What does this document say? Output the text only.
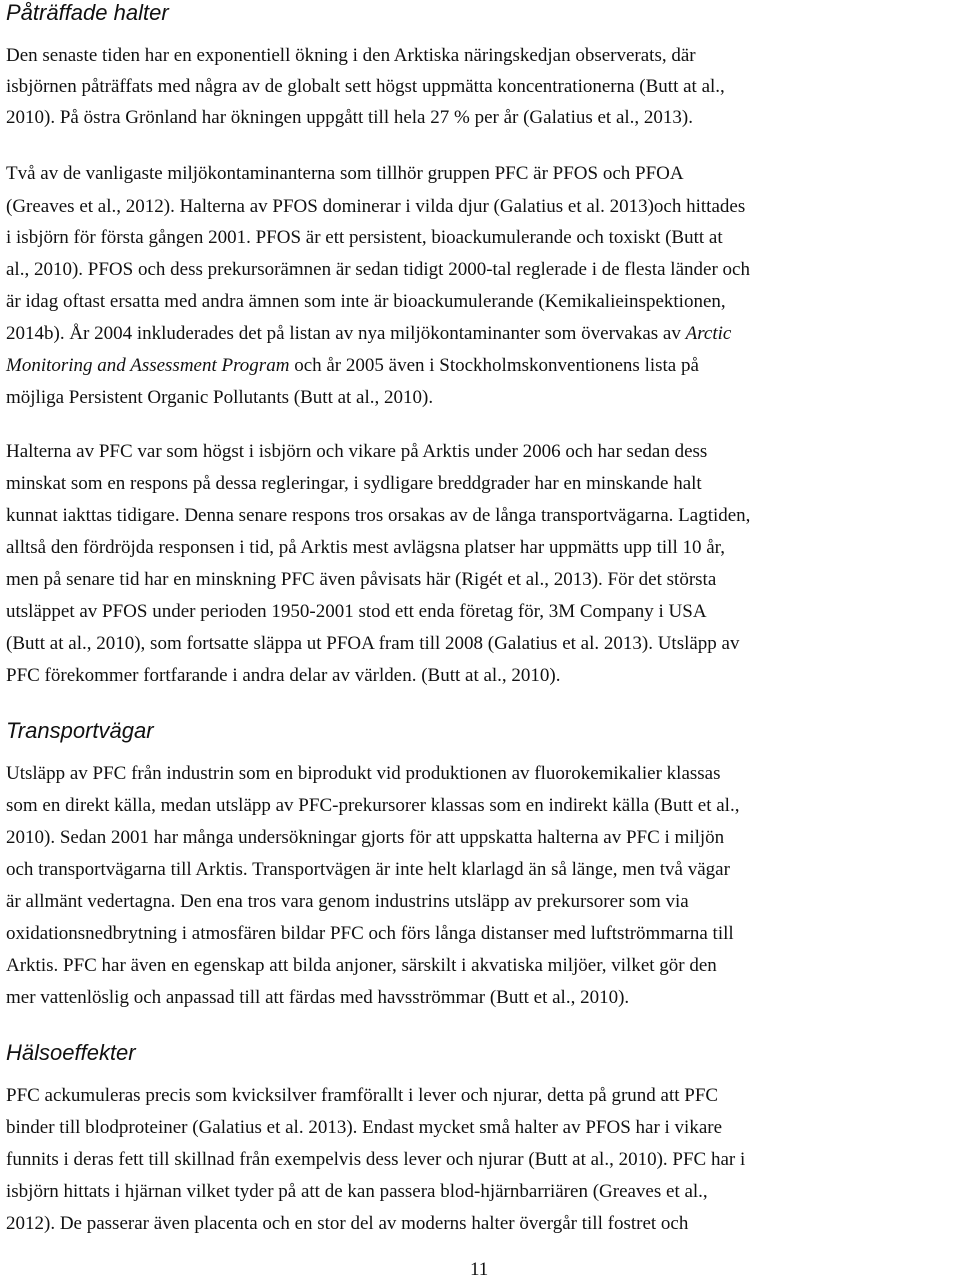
Påträffade halter
Den senaste tiden har en exponentiell ökning i den Arktiska näringskedjan observerats, där
isbjörnen påträffats med några av de globalt sett högst uppmätta koncentrationerna (Butt at al.,
2010). På östra Grönland har ökningen uppgått till hela 27 % per år (Galatius et al., 2013).
Två av de vanligaste miljökontaminanterna som tillhör gruppen PFC är PFOS och PFOA
(Greaves et al., 2012). Halterna av PFOS dominerar i vilda djur (Galatius et al. 2013)och hittades
i isbjörn för första gången 2001. PFOS är ett persistent, bioackumulerande och toxiskt (Butt at
al., 2010). PFOS och dess prekursorämnen är sedan tidigt 2000-tal reglerade i de flesta länder och
är idag oftast ersatta med andra ämnen som inte är bioackumulerande (Kemikalieinspektionen,
2014b). År 2004 inkluderades det på listan av nya miljökontaminanter som övervakas av Arctic
Monitoring and Assessment Program och år 2005 även i Stockholmskonventionens lista på
möjliga Persistent Organic Pollutants (Butt at al., 2010).
Halterna av PFC var som högst i isbjörn och vikare på Arktis under 2006 och har sedan dess
minskat som en respons på dessa regleringar, i sydligare breddgrader har en minskande halt
kunnat iakttas tidigare. Denna senare respons tros orsakas av de långa transportvägarna. Lagtiden,
alltså den fördröjda responsen i tid, på Arktis mest avlägsna platser har uppmätts upp till 10 år,
men på senare tid har en minskning PFC även påvisats här (Rigét et al., 2013). För det största
utsläppet av PFOS under perioden 1950-2001 stod ett enda företag för, 3M Company i USA
(Butt at al., 2010), som fortsatte släppa ut PFOA fram till 2008 (Galatius et al. 2013). Utsläpp av
PFC förekommer fortfarande i andra delar av världen. (Butt at al., 2010).
Transportvägar
Utsläpp av PFC från industrin som en biprodukt vid produktionen av fluorokemikalier klassas
som en direkt källa, medan utsläpp av PFC-prekursorer klassas som en indirekt källa (Butt et al.,
2010). Sedan 2001 har många undersökningar gjorts för att uppskatta halterna av PFC i miljön
och transportvägarna till Arktis. Transportvägen är inte helt klarlagd än så länge, men två vägar
är allmänt vedertagna. Den ena tros vara genom industrins utsläpp av prekursorer som via
oxidationsnedbrytning i atmosfären bildar PFC och förs långa distanser med luftströmmarna till
Arktis. PFC har även en egenskap att bilda anjoner, särskilt i akvatiska miljöer, vilket gör den
mer vattenlöslig och anpassad till att färdas med havsströmmar (Butt et al., 2010).
Hälsoeffekter
PFC ackumuleras precis som kvicksilver framförallt i lever och njurar, detta på grund att PFC
binder till blodproteiner (Galatius et al. 2013). Endast mycket små halter av PFOS har i vikare
funnits i deras fett till skillnad från exempelvis dess lever och njurar (Butt at al., 2010). PFC har i
isbjörn hittats i hjärnan vilket tyder på att de kan passera blod-hjärnbarriären (Greaves et al.,
2012). De passerar även placenta och en stor del av moderns halter övergår till fostret och
11
